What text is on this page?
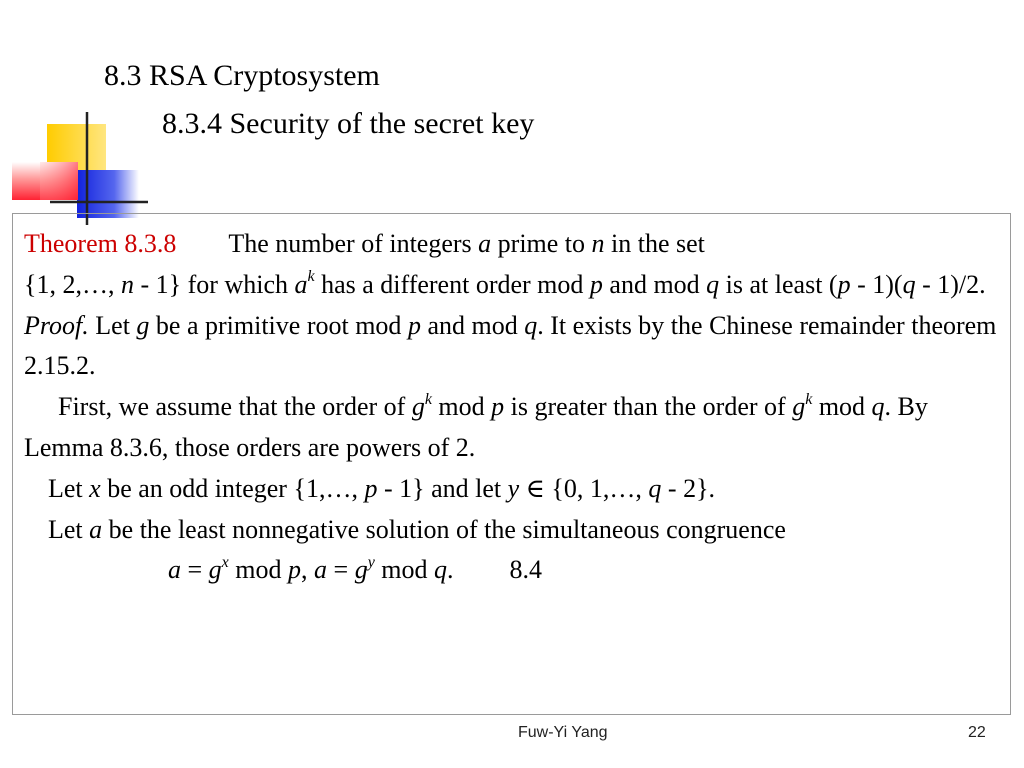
8.3 RSA Cryptosystem
8.3.4 Security of the secret key

Theorem 8.3.8 The number of integers a prime to n in the set
{1, 2,…, n - 1} for which $a^k$ has a different order mod p and mod q is at least (p - 1)(q - 1)/2.

Proof. Let g be a primitive root mod p and mod q. It exists by the Chinese remainder theorem 2.15.2.

First, we assume that the order of $g^k$ mod p is greater than the order of $g^k$ mod q. By Lemma 8.3.6, those orders are powers of 2.

Let x be an odd integer {1,…, p - 1} and let y ∈ {0, 1,…, q - 2}.

Let a be the least nonnegative solution of the simultaneous congruence

$a = g^x$ mod p, $a = g^y$ mod q. 8.4

Fuw-Yi Yang	22
